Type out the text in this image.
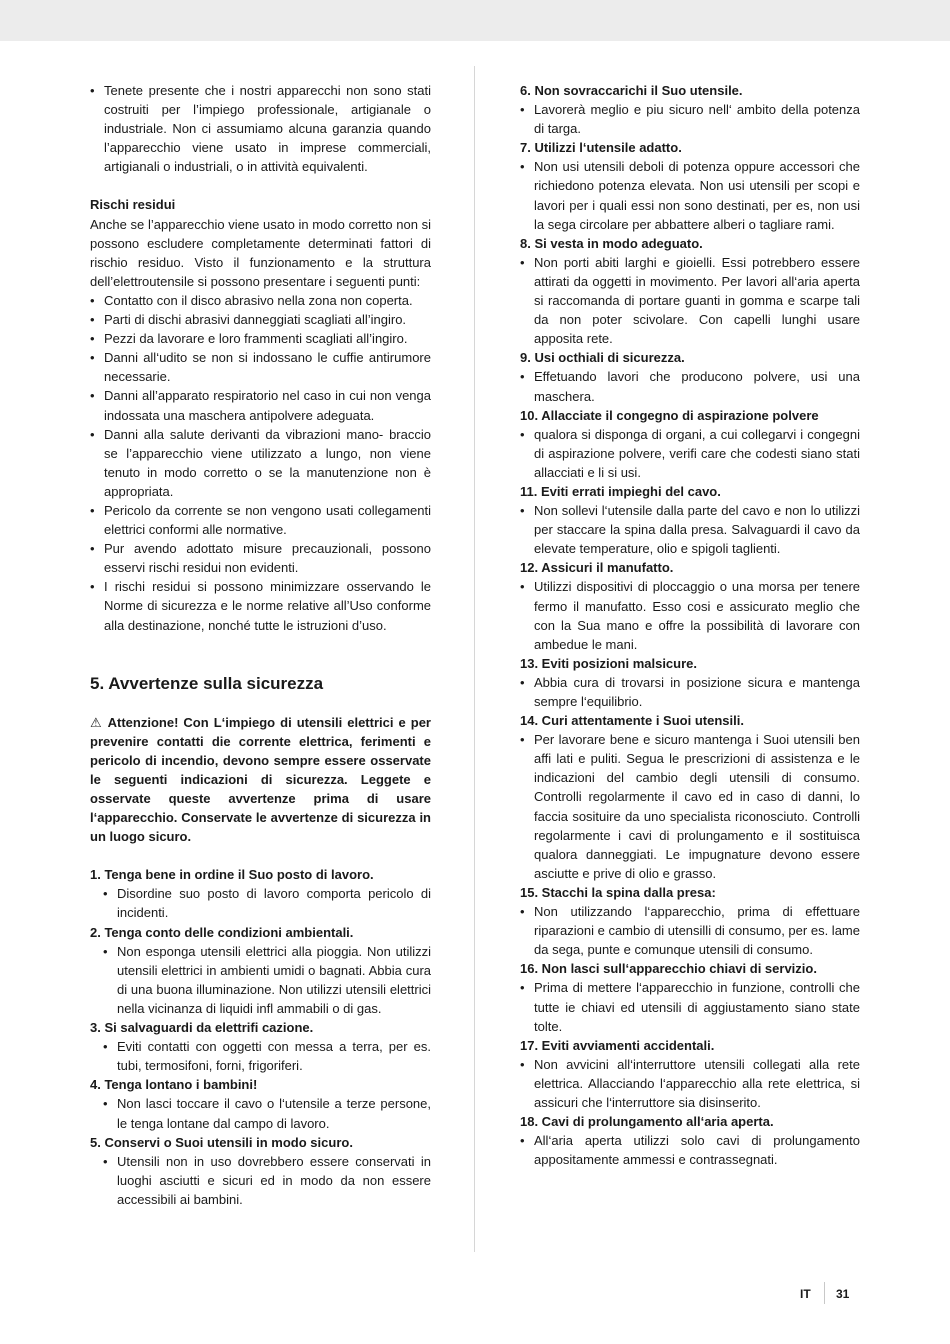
• Tenete presente che i nostri apparecchi non sono stati costruiti per l’impiego professionale, artigianale o industriale. Non ci assumiamo alcuna garanzia quando l’apparecchio viene usato in imprese commerciali, artigianali o industriali, o in attività equivalenti.

Rischi residui

Anche se l’apparecchio viene usato in modo corretto non si possono escludere completamente determinati fattori di rischio residuo. Visto il funzionamento e la struttura dell’elettroutensile si possono presentare i seguenti punti:

• Contatto con il disco abrasivo nella zona non coperta.
• Parti di dischi abrasivi danneggiati scagliati all’ingiro.
• Pezzi da lavorare e loro frammenti scagliati all’ingiro.
• Danni all‘udito se non si indossano le cuffie antirumore necessarie.
• Danni all’apparato respiratorio nel caso in cui non venga indossata una maschera antipolvere adeguata.
• Danni alla salute derivanti da vibrazioni mano- braccio se l’apparecchio viene utilizzato a lungo, non viene tenuto in modo corretto o se la manutenzione non è appropriata.
• Pericolo da corrente se non vengono usati collegamenti elettrici conformi alle normative.
• Pur avendo adottato misure precauzionali, possono esservi rischi residui non evidenti.
• I rischi residui si possono minimizzare osservando le Norme di sicurezza e le norme relative all’Uso conforme alla destinazione, nonché tutte le istruzioni d’uso.
5. Avvertenze sulla sicurezza

⚠ Attenzione! Con L‘impiego di utensili elettrici e per prevenire contatti die corrente elettrica, ferimenti e pericolo di incendio, devono sempre essere osservate le seguenti indicazioni di sicurezza. Leggete e osservate queste avvertenze prima di usare l‘apparecchio. Conservate le avvertenze di sicurezza in un luogo sicuro.

1. Tenga bene in ordine il Suo posto di lavoro.

• Disordine suo posto di lavoro comporta pericolo di incidenti.

2. Tenga conto delle condizioni ambientali.

• Non esponga utensili elettrici alla pioggia. Non utilizzi utensili elettrici in ambienti umidi o bagnati. Abbia cura di una buona illuminazione. Non utilizzi utensili elettrici nella vicinanza di liquidi infl ammabili o di gas.

3. Si salvaguardi da elettrifi cazione.

• Eviti contatti con oggetti con messa a terra, per es. tubi, termosifoni, forni, frigoriferi.

4. Tenga lontano i bambini!

• Non lasci toccare il cavo o l‘utensile a terze persone, le tenga lontane dal campo di lavoro.

5. Conservi o Suoi utensili in modo sicuro.

• Utensili non in uso dovrebbero essere conservati in luoghi asciutti e sicuri ed in modo da non essere accessibili ai bambini.

6. Non sovraccarichi il Suo utensile.

• Lavorerà meglio e piu sicuro nell‘ ambito della potenza di targa.

7. Utilizzi l‘utensile adatto.

• Non usi utensili deboli di potenza oppure accessori che richiedono potenza elevata. Non usi utensili per scopi e lavori per i quali essi non sono destinati, per es, non usi la sega circolare per abbattere alberi o tagliare rami.

8. Si vesta in modo adeguato.

• Non porti abiti larghi e gioielli. Essi potrebbero essere attirati da oggetti in movimento. Per lavori all‘aria aperta si raccomanda di portare guanti in gomma e scarpe tali da non poter scivolare. Con capelli lunghi usare apposita rete.

9. Usi octhiali di sicurezza.

• Effetuando lavori che producono polvere, usi una maschera.

10. Allacciate il congegno di aspirazione polvere

• qualora si disponga di organi, a cui collegarvi i congegni di aspirazione polvere, verifi care che codesti siano stati allacciati e li si usi.

11. Eviti errati impieghi del cavo.

• Non sollevi l‘utensile dalla parte del cavo e non lo utilizzi per staccare la spina dalla presa. Salvaguardi il cavo da elevate temperature, olio e spigoli taglienti.

12. Assicuri il manufatto.

• Utilizzi dispositivi di ploccaggio o una morsa per tenere fermo il manufatto. Esso cosi e assicurato meglio che con la Sua mano e offre la possibilità di lavorare con ambedue le mani.

13. Eviti posizioni malsicure.

• Abbia cura di trovarsi in posizione sicura e mantenga sempre l‘equilibrio.

14. Curi attentamente i Suoi utensili.

• Per lavorare bene e sicuro mantenga i Suoi utensili ben affi lati e puliti. Segua le prescrizioni di assistenza e le indicazioni del cambio degli utensili di consumo. Controlli regolarmente il cavo ed in caso di danni, lo faccia sosituire da uno specialista riconosciuto. Controlli regolarmente i cavi di prolungamento e il sostituisca qualora danneggiati. Le impugnature devono essere asciutte e prive di olio e grasso.

15. Stacchi la spina dalla presa:

• Non utilizzando l‘apparecchio, prima di effettuare riparazioni e cambio di utensilli di consumo, per es. lame da sega, punte e comunque utensili di consumo.

16. Non lasci sull‘apparecchio chiavi di servizio.

• Prima di mettere l‘apparecchio in funzione, controlli che tutte ie chiavi ed utensili di aggiustamento siano state tolte.

17. Eviti avviamenti accidentali.

• Non avvicini all‘interruttore utensili collegati alla rete elettrica. Allacciando l‘apparecchio alla rete elettrica, si assicuri che l‘interruttore sia disinserito.

18. Cavi di prolungamento all‘aria aperta.

• All‘aria aperta utilizzi solo cavi di prolungamento appositamente ammessi e contrassegnati.
IT 31
